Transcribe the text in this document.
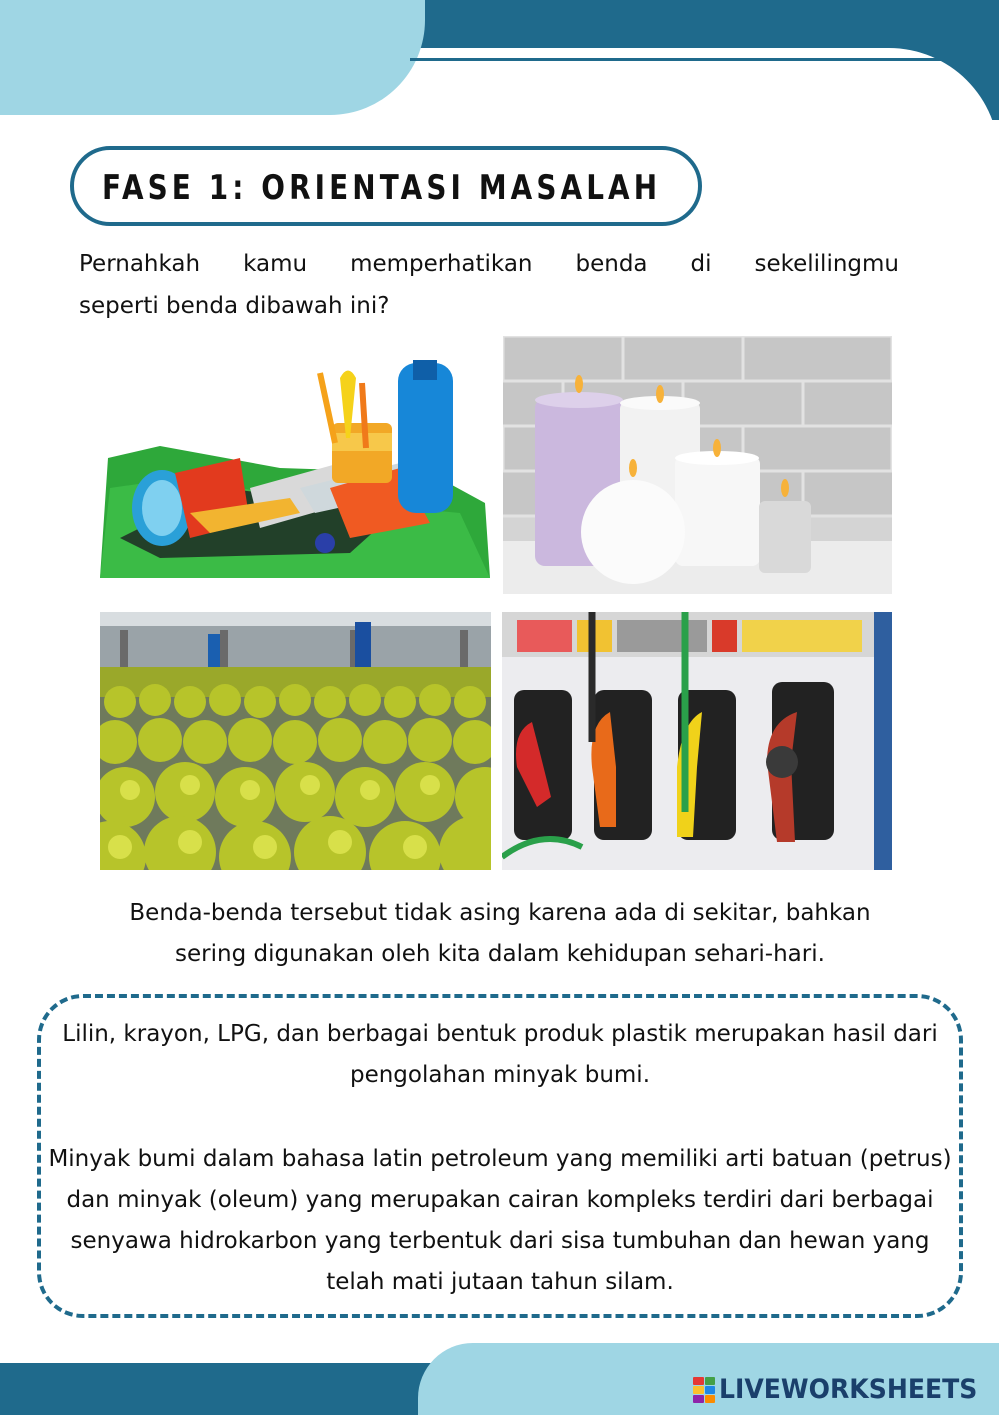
FASE 1: ORIENTASI MASALAH
Pernahkah kamu memperhatikan benda di sekelilingmu
seperti benda dibawah ini?
Benda-benda tersebut tidak asing karena ada di sekitar, bahkan
sering digunakan oleh kita dalam kehidupan sehari-hari.
Lilin, krayon, LPG, dan berbagai bentuk produk plastik merupakan hasil dari pengolahan minyak bumi.
Minyak bumi dalam bahasa latin petroleum yang memiliki arti batuan (petrus) dan minyak (oleum) yang merupakan cairan kompleks terdiri dari berbagai senyawa hidrokarbon yang terbentuk dari sisa tumbuhan dan hewan yang telah mati jutaan tahun silam.
LIVEWORKSHEETS
